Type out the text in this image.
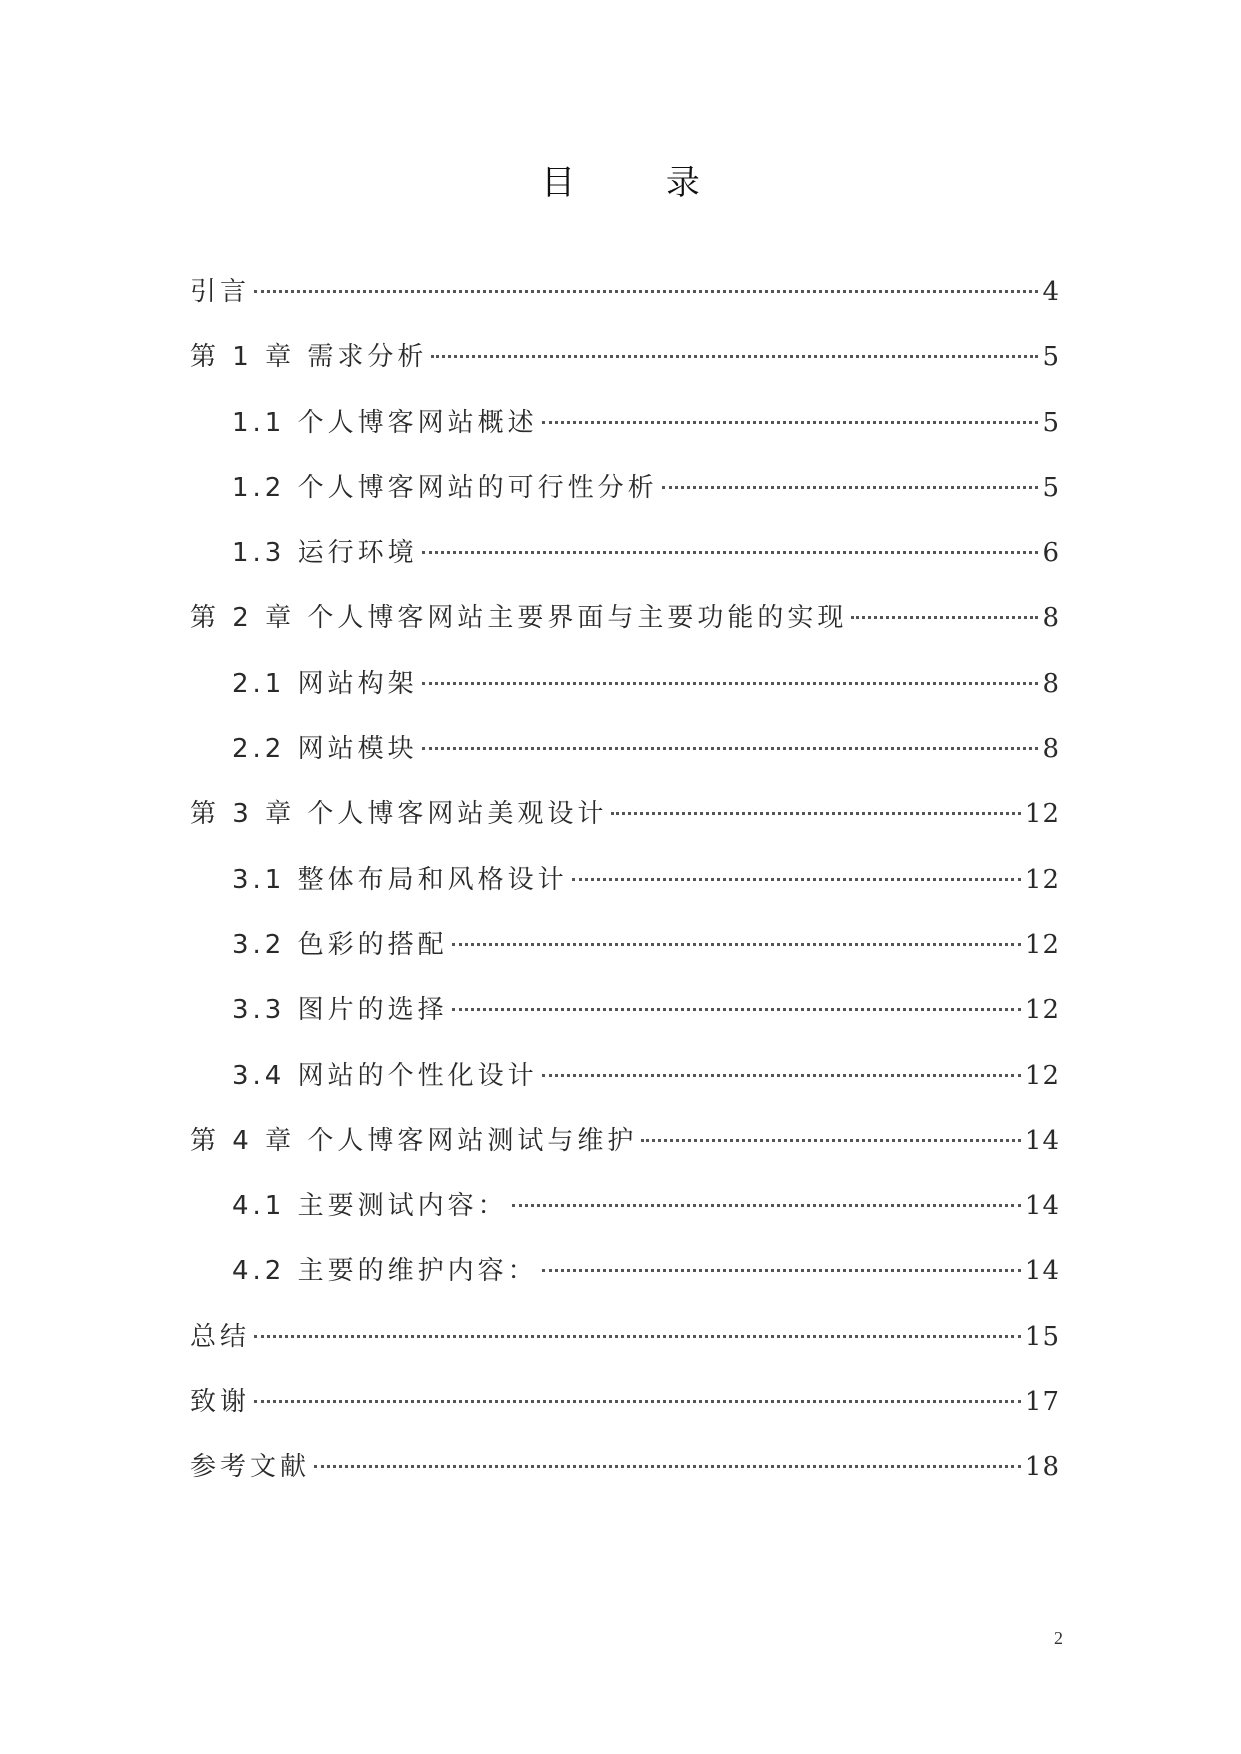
目 录
引言	4
第 1 章 需求分析	5
1.1 个人博客网站概述	5
1.2 个人博客网站的可行性分析	5
1.3 运行环境	6
第 2 章 个人博客网站主要界面与主要功能的实现	8
2.1 网站构架	8
2.2 网站模块	8
第 3 章 个人博客网站美观设计	12
3.1 整体布局和风格设计	12
3.2 色彩的搭配	12
3.3 图片的选择	12
3.4 网站的个性化设计	12
第 4 章 个人博客网站测试与维护	14
4.1 主要测试内容：	14
4.2 主要的维护内容：	14
总结	15
致谢	17
参考文献	18
2
